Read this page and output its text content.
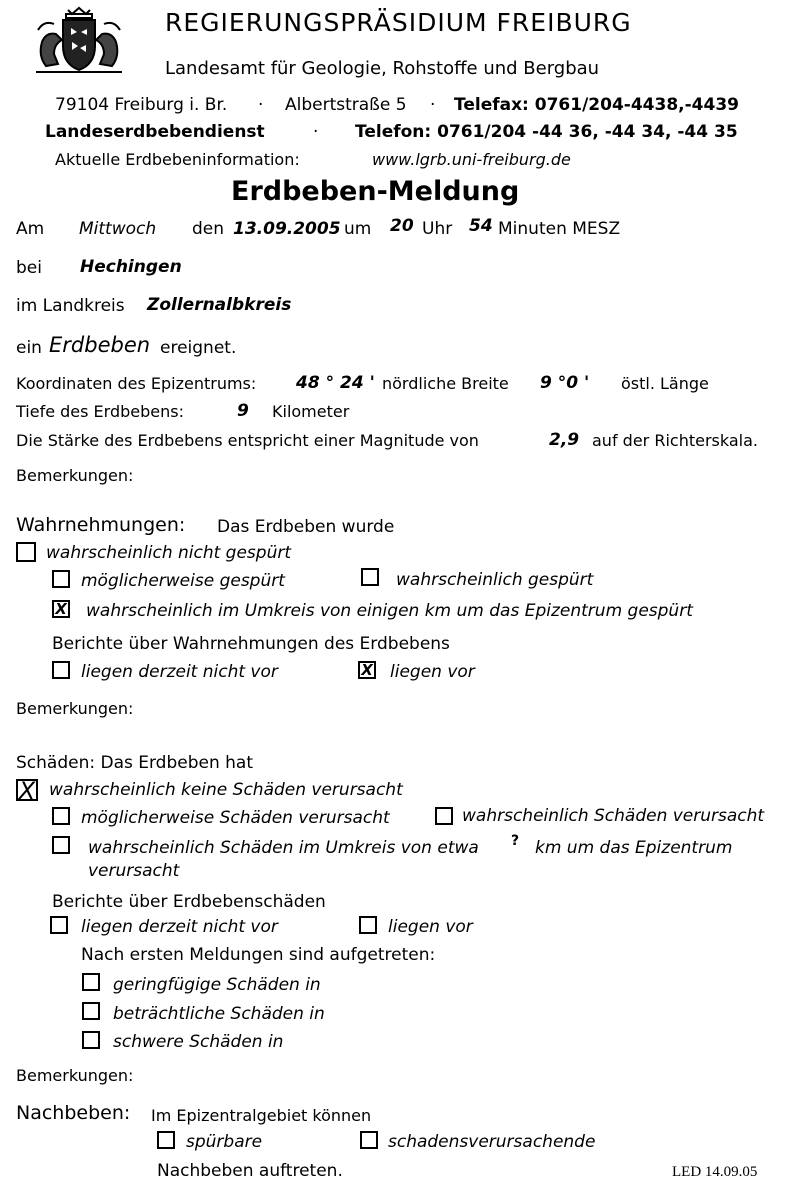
REGIERUNGSPRÄSIDIUM FREIBURG
Landesamt für Geologie, Rohstoffe und Bergbau
79104 Freiburg i. Br. · Albertstraße 5 · Telefax: 0761/204-4438,-4439
Landeserdbebendienst	· Telefon: 0761/204 -44 36, -44 34, -44 35
Aktuelle Erdbebeninformation:	www.lgrb.uni-freiburg.de
Erdbeben-Meldung
Am Mittwoch den 13.09.2005 um 20 Uhr 54 Minuten MESZ
bei Hechingen
im Landkreis Zollernalbkreis
ein Erdbeben ereignet.
Koordinaten des Epizentrums: 48 ° 24 ' nördliche Breite 9 °0 ' östl. Länge
Tiefe des Erdbebens:	9 Kilometer
Die Stärke des Erdbebens entspricht einer Magnitude von	2,9 auf der Richterskala.
Bemerkungen:
Wahrnehmungen: Das Erdbeben wurde
wahrscheinlich nicht gespürt
möglicherweise gespürt	wahrscheinlich gespürt
X wahrscheinlich im Umkreis von einigen km um das Epizentrum gespürt
Berichte über Wahrnehmungen des Erdbebens
liegen derzeit nicht vor	X liegen vor
Bemerkungen:
Schäden: Das Erdbeben hat
X wahrscheinlich keine Schäden verursacht
möglicherweise Schäden verursacht	wahrscheinlich Schäden verursacht
wahrscheinlich Schäden im Umkreis von etwa ? km um das Epizentrum
verursacht
Berichte über Erdbebenschäden
liegen derzeit nicht vor	liegen vor
Nach ersten Meldungen sind aufgetreten:
geringfügige Schäden in
beträchtliche Schäden in
schwere Schäden in
Bemerkungen:
Nachbeben: Im Epizentralgebiet können
spürbare	schadensverursachende
Nachbeben auftreten.	LED 14.09.05
